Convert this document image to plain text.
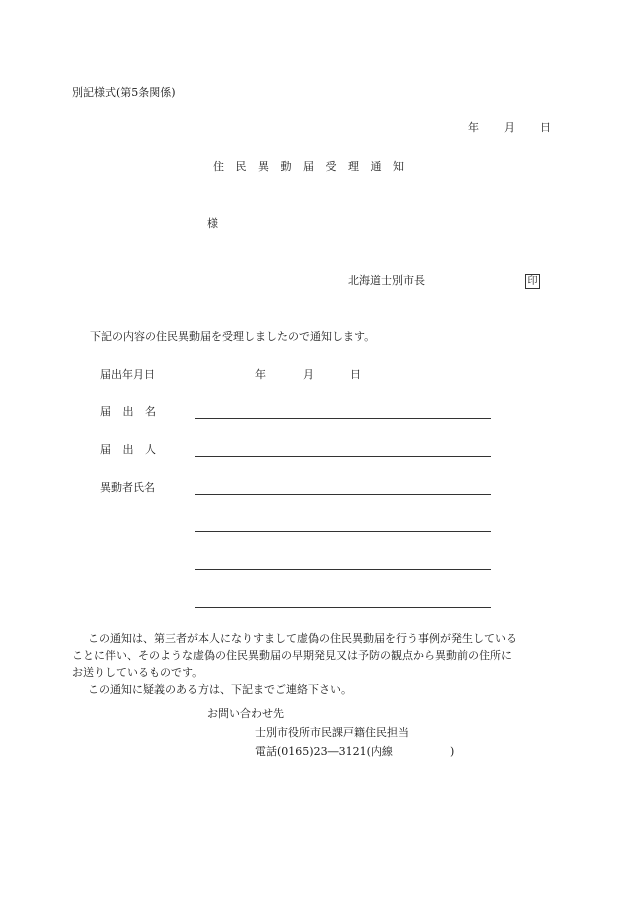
別記様式(第5条関係)
年 月 日
住民異動届受理通知
様
北海道士別市長	印
下記の内容の住民異動届を受理しましたので通知します。
届出年月日	年	月	日
届 出 名
届 出 人
異動者氏名

この通知は、第三者が本人になりすまして虚偽の住民異動届を行う事例が発生している

ことに伴い、そのような虚偽の住民異動届の早期発見又は予防の観点から異動前の住所に

お送りしているものです。

この通知に疑義のある方は、下記までご連絡下さい。

お問い合わせ先
士別市役所市民課戸籍住民担当
電話(0165)23―3121(内線	)
